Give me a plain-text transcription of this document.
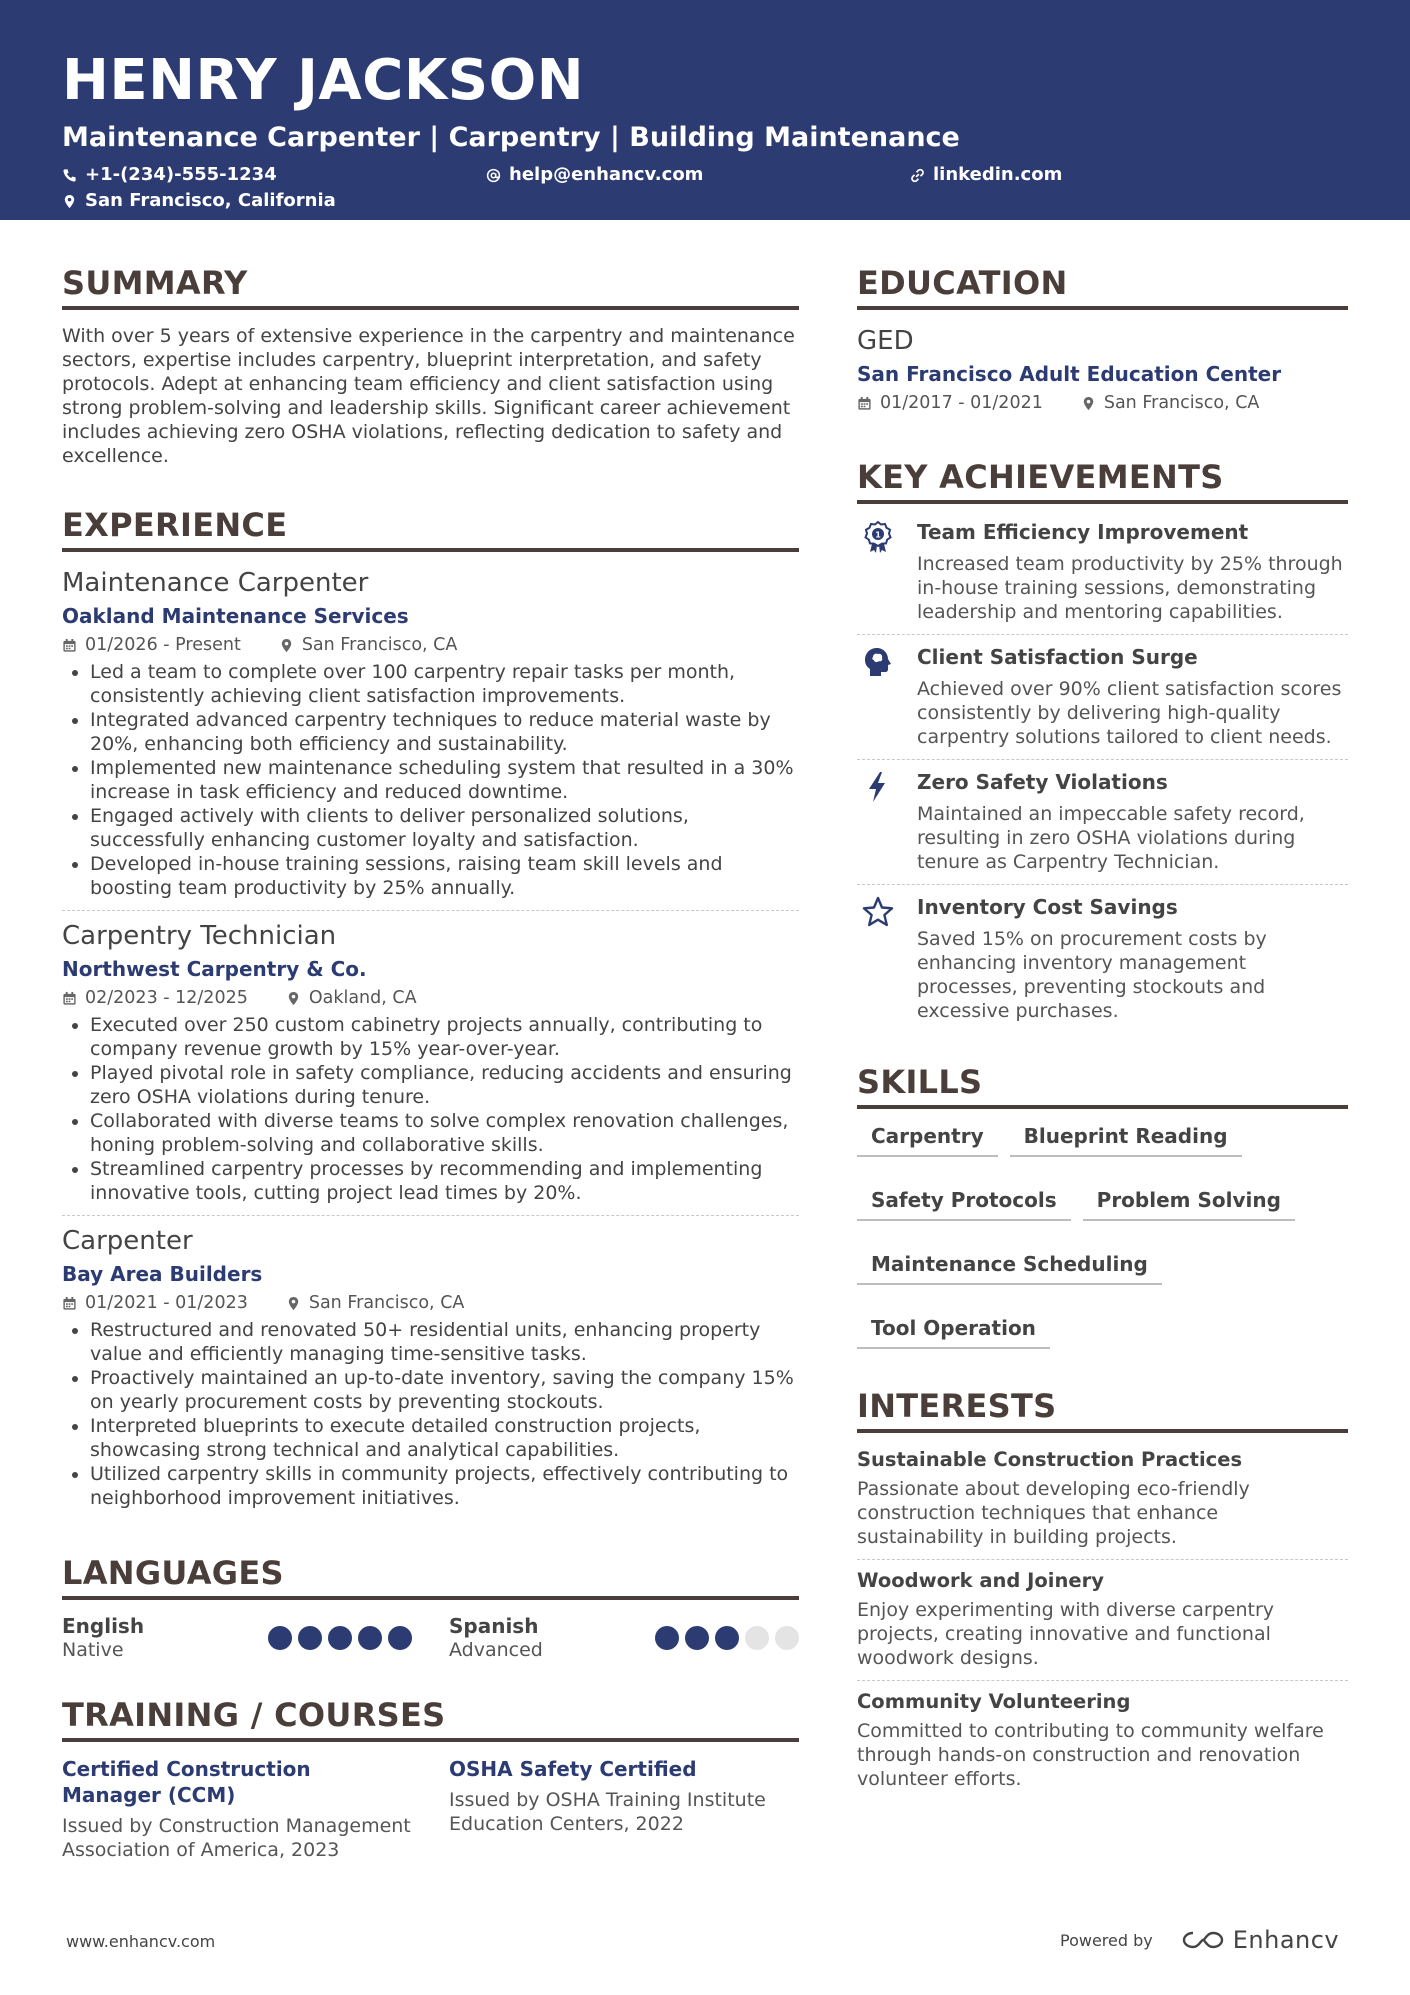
HENRY JACKSON
Maintenance Carpenter | Carpentry | Building Maintenance
+1-(234)-555-1234	help@enhancv.com	linkedin.com
San Francisco, California
SUMMARY

With over 5 years of extensive experience in the carpentry and maintenance sectors, expertise includes carpentry, blueprint interpretation, and safety protocols. Adept at enhancing team efficiency and client satisfaction using strong problem-solving and leadership skills. Significant career achievement includes achieving zero OSHA violations, reflecting dedication to safety and excellence.

EXPERIENCE
Maintenance Carpenter
Oakland Maintenance Services
01/2026 - Present	San Francisco, CA
Led a team to complete over 100 carpentry repair tasks per month, consistently achieving client satisfaction improvements.
Integrated advanced carpentry techniques to reduce material waste by 20%, enhancing both efficiency and sustainability.
Implemented new maintenance scheduling system that resulted in a 30% increase in task efficiency and reduced downtime.
Engaged actively with clients to deliver personalized solutions, successfully enhancing customer loyalty and satisfaction.
Developed in-house training sessions, raising team skill levels and boosting team productivity by 25% annually.
Carpentry Technician
Northwest Carpentry & Co.
02/2023 - 12/2025	Oakland, CA
Executed over 250 custom cabinetry projects annually, contributing to company revenue growth by 15% year-over-year.
Played pivotal role in safety compliance, reducing accidents and ensuring zero OSHA violations during tenure.
Collaborated with diverse teams to solve complex renovation challenges, honing problem-solving and collaborative skills.
Streamlined carpentry processes by recommending and implementing innovative tools, cutting project lead times by 20%.
Carpenter
Bay Area Builders
01/2021 - 01/2023	San Francisco, CA
Restructured and renovated 50+ residential units, enhancing property value and efficiently managing time-sensitive tasks.
Proactively maintained an up-to-date inventory, saving the company 15% on yearly procurement costs by preventing stockouts.
Interpreted blueprints to execute detailed construction projects, showcasing strong technical and analytical capabilities.
Utilized carpentry skills in community projects, effectively contributing to neighborhood improvement initiatives.
LANGUAGES
English
Native
Spanish
Advanced
TRAINING / COURSES
Certified Construction Manager (CCM)
Issued by Construction Management Association of America, 2023
OSHA Safety Certified
Issued by OSHA Training Institute Education Centers, 2022
EDUCATION
GED
San Francisco Adult Education Center
01/2017 - 01/2021	San Francisco, CA
KEY ACHIEVEMENTS
1 Team Efficiency Improvement
Increased team productivity by 25% through in-house training sessions, demonstrating leadership and mentoring capabilities.
Client Satisfaction Surge
Achieved over 90% client satisfaction scores consistently by delivering high-quality carpentry solutions tailored to client needs.
Zero Safety Violations
Maintained an impeccable safety record, resulting in zero OSHA violations during tenure as Carpentry Technician.
Inventory Cost Savings
Saved 15% on procurement costs by enhancing inventory management processes, preventing stockouts and excessive purchases.
SKILLS
Carpentry	Blueprint Reading
Safety Protocols	Problem Solving
Maintenance Scheduling
Tool Operation
INTERESTS
Sustainable Construction Practices
Passionate about developing eco-friendly construction techniques that enhance sustainability in building projects.
Woodwork and Joinery
Enjoy experimenting with diverse carpentry projects, creating innovative and functional woodwork designs.
Community Volunteering
Committed to contributing to community welfare through hands-on construction and renovation volunteer efforts.
www.enhancv.com	Powered by	Enhancv
